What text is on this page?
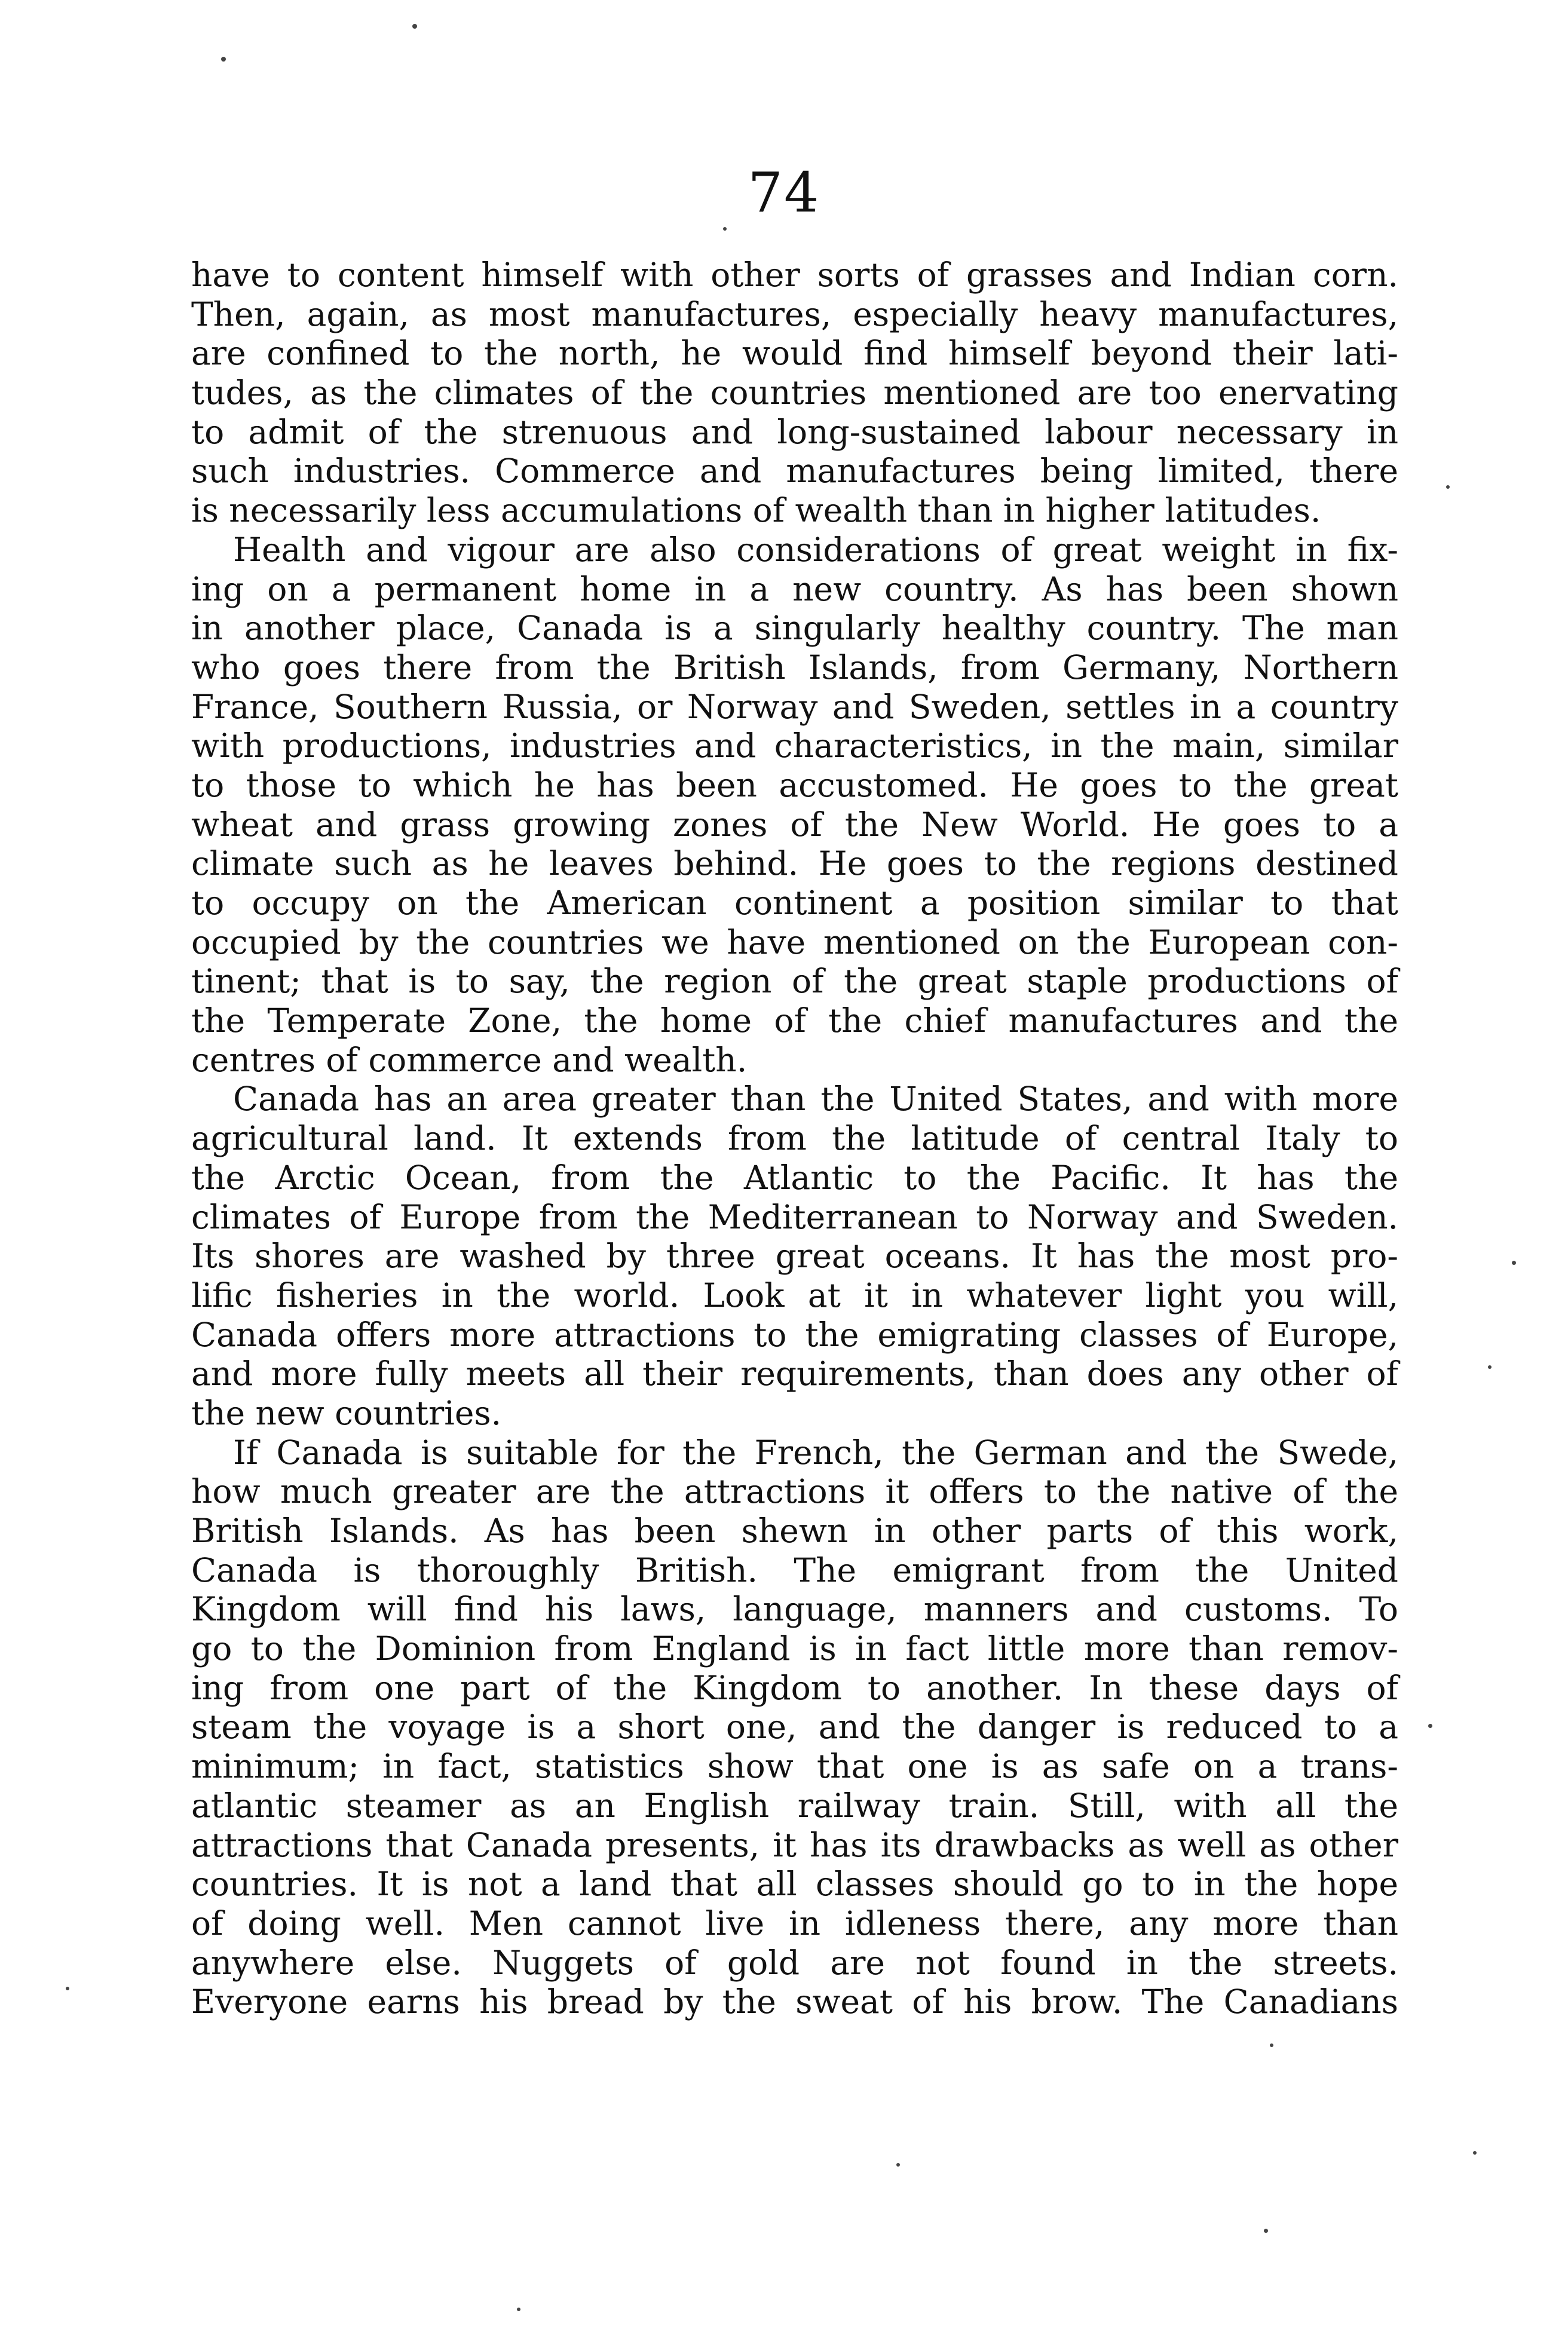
74
have to content himself with other sorts of grasses and Indian corn.
Then, again, as most manufactures, especially heavy manufactures,
are confined to the north, he would find himself beyond their lati-
tudes, as the climates of the countries mentioned are too enervating
to admit of the strenuous and long-sustained labour necessary in
such industries. Commerce and manufactures being limited, there
is necessarily less accumulations of wealth than in higher latitudes.
Health and vigour are also considerations of great weight in fix-
ing on a permanent home in a new country. As has been shown
in another place, Canada is a singularly healthy country. The man
who goes there from the British Islands, from Germany, Northern
France, Southern Russia, or Norway and Sweden, settles in a country
with productions, industries and characteristics, in the main, similar
to those to which he has been accustomed. He goes to the great
wheat and grass growing zones of the New World. He goes to a
climate such as he leaves behind. He goes to the regions destined
to occupy on the American continent a position similar to that
occupied by the countries we have mentioned on the European con-
tinent; that is to say, the region of the great staple productions of
the Temperate Zone, the home of the chief manufactures and the
centres of commerce and wealth.
Canada has an area greater than the United States, and with more
agricultural land. It extends from the latitude of central Italy to
the Arctic Ocean, from the Atlantic to the Pacific. It has the
climates of Europe from the Mediterranean to Norway and Sweden.
Its shores are washed by three great oceans. It has the most pro-
lific fisheries in the world. Look at it in whatever light you will,
Canada offers more attractions to the emigrating classes of Europe,
and more fully meets all their requirements, than does any other of
the new countries.
If Canada is suitable for the French, the German and the Swede,
how much greater are the attractions it offers to the native of the
British Islands. As has been shewn in other parts of this work,
Canada is thoroughly British. The emigrant from the United
Kingdom will find his laws, language, manners and customs. To
go to the Dominion from England is in fact little more than remov-
ing from one part of the Kingdom to another. In these days of
steam the voyage is a short one, and the danger is reduced to a
minimum; in fact, statistics show that one is as safe on a trans-
atlantic steamer as an English railway train. Still, with all the
attractions that Canada presents, it has its drawbacks as well as other
countries. It is not a land that all classes should go to in the hope
of doing well. Men cannot live in idleness there, any more than
anywhere else. Nuggets of gold are not found in the streets.
Everyone earns his bread by the sweat of his brow. The Canadians
